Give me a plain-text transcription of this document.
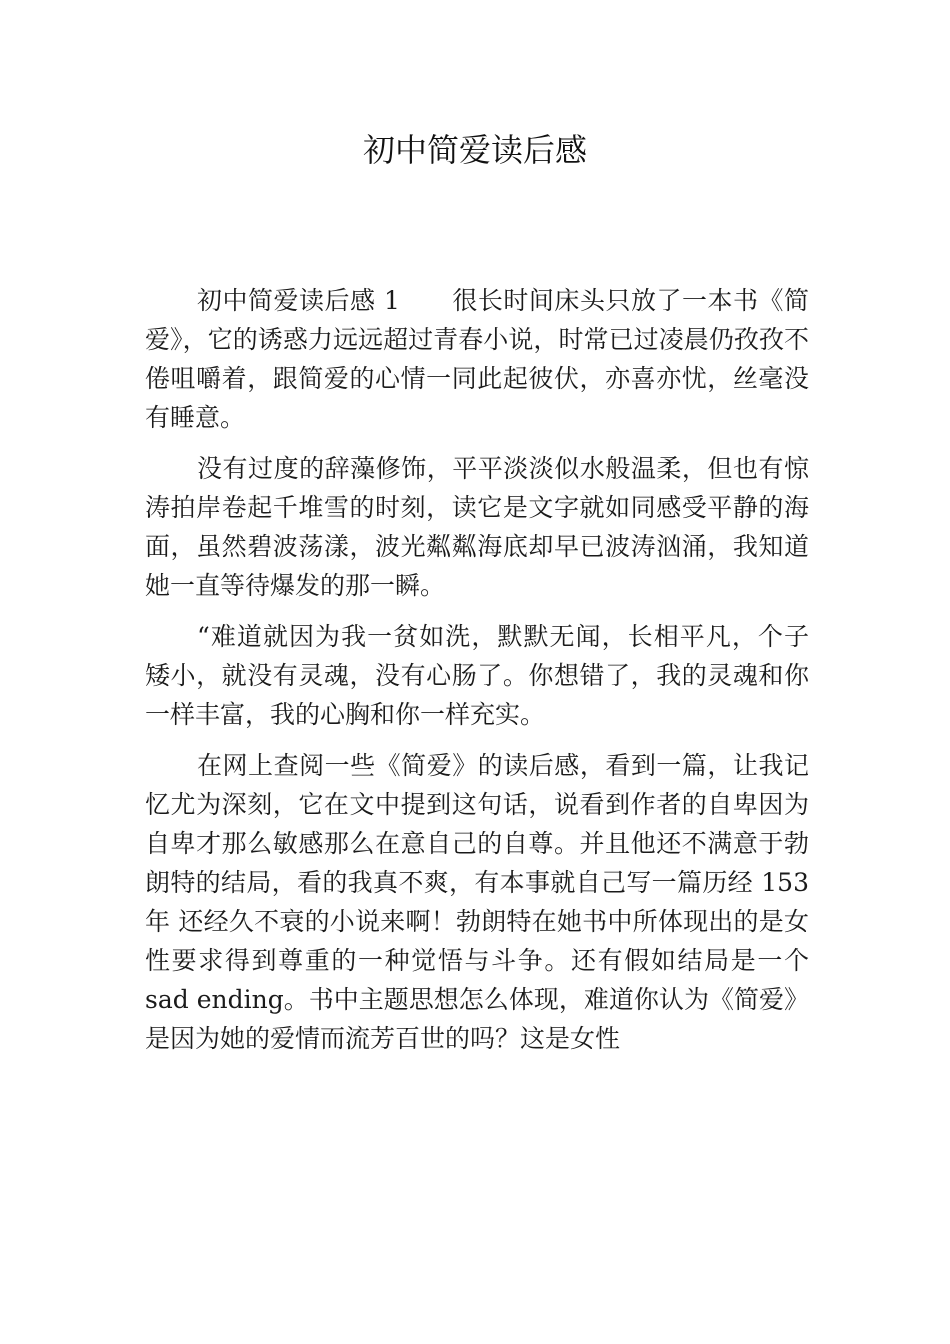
初中简爱读后感

初中简爱读后感 1 很长时间床头只放了一本书《简爱》，它的诱惑力远远超过青春小说，时常已过凌晨仍孜孜不倦咀嚼着，跟简爱的心情一同此起彼伏，亦喜亦忧，丝毫没有睡意。

没有过度的辞藻修饰，平平淡淡似水般温柔，但也有惊涛拍岸卷起千堆雪的时刻，读它是文字就如同感受平静的海面，虽然碧波荡漾，波光粼粼海底却早已波涛汹涌，我知道她一直等待爆发的那一瞬。

“难道就因为我一贫如洗，默默无闻，长相平凡，个子矮小，就没有灵魂，没有心肠了。你想错了，我的灵魂和你一样丰富，我的心胸和你一样充实。

在网上查阅一些《简爱》的读后感，看到一篇，让我记忆尤为深刻，它在文中提到这句话，说看到作者的自卑因为自卑才那么敏感那么在意自己的自尊。并且他还不满意于勃朗特的结局，看的我真不爽，有本事就自己写一篇历经 153 年 还经久不衰的小说来啊！勃朗特在她书中所体现出的是女性要求得到尊重的一种觉悟与斗争。还有假如结局是一个 sad ending。书中主题思想怎么体现，难道你认为《简爱》是因为她的爱情而流芳百世的吗？这是女性
